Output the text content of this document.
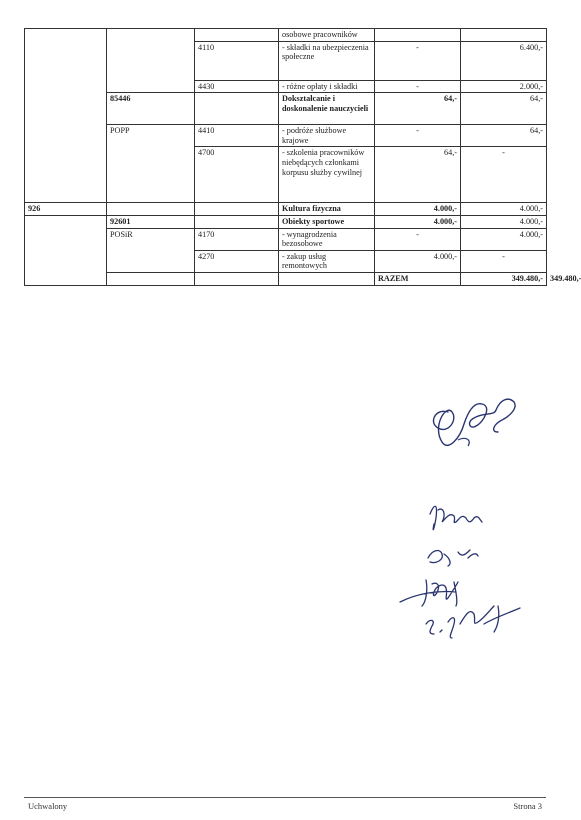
			osobowe pracowników			
		4110	- składki na ubezpieczenia społeczne	-	6.400,-	
		4430	- różne opłaty i składki	-	2.000,-	
	85446		Dokształcanie i doskonalenie nauczycieli	64,-	64,-	
	POPP	4410	- podróże służbowe krajowe	-	64,-	
		4700	- szkolenia pracowników niebędących członkami korpusu służby cywilnej	64,-	-	
926			Kultura fizyczna	4.000,-	4.000,-	
	92601		Obiekty sportowe	4.000,-	4.000,-	
	POSiR	4170	- wynagrodzenia bezosobowe	-	4.000,-	
		4270	- zakup usług remontowych	4.000,-	-	
				RAZEM	349.480,-	349.480,-
Uchwalony	Strona 3
